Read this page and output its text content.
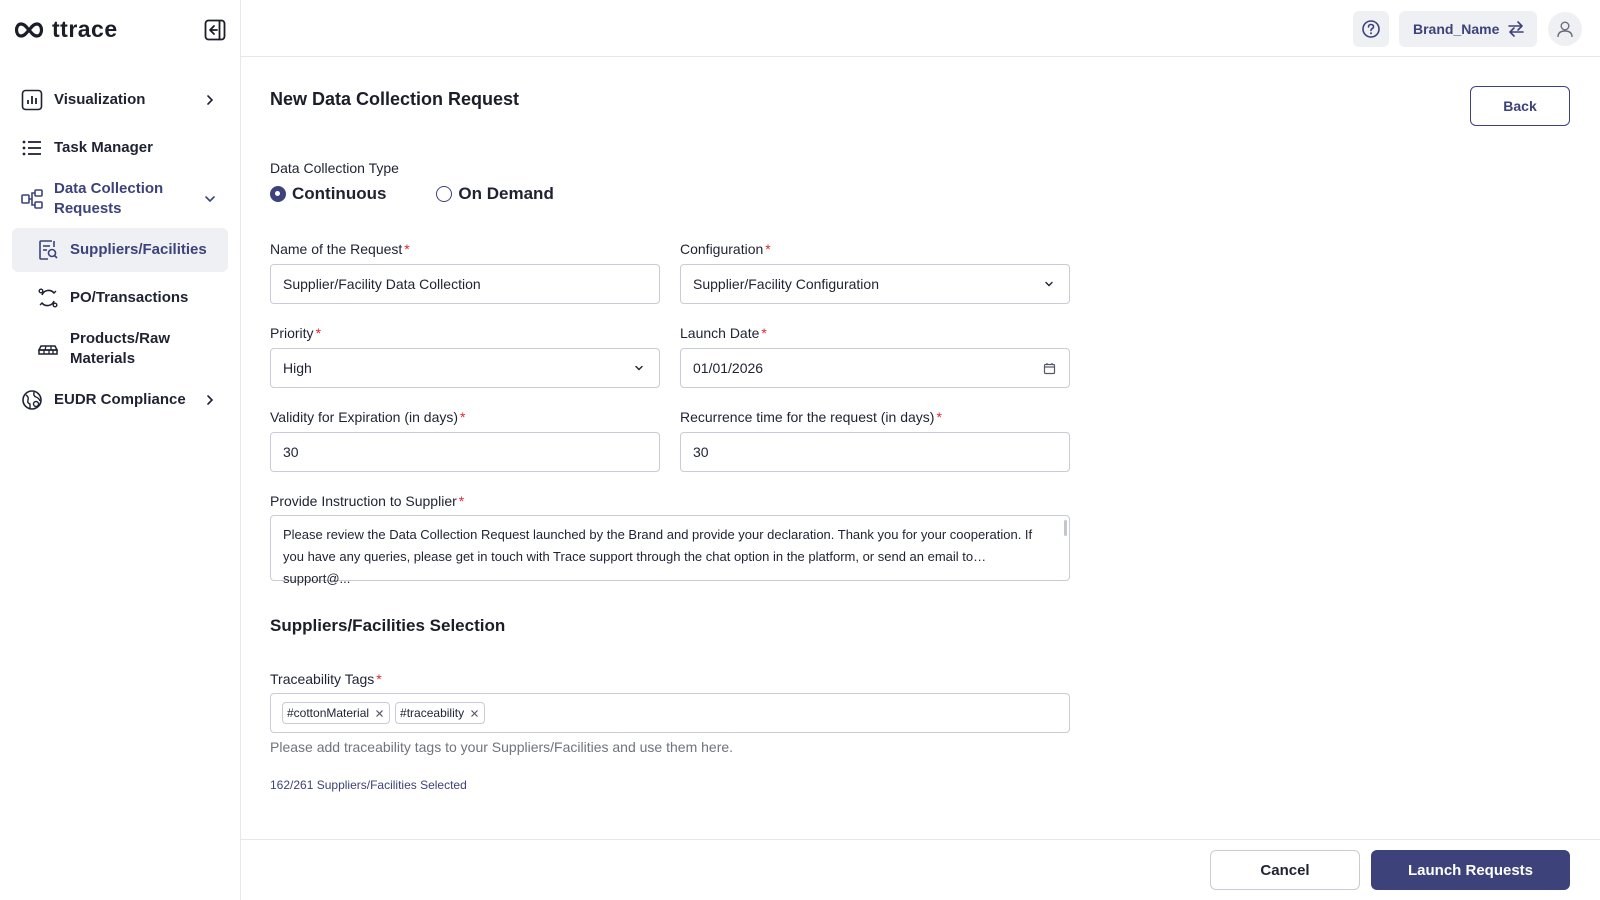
ttrace
Visualization
Task Manager
Data Collection Requests
Suppliers/Facilities
PO/Transactions
Products/Raw Materials
EUDR Compliance
Brand_Name
New Data Collection Request	Back
Data Collection Type
Continuous	On Demand
Name of the Request *
Supplier/Facility Data Collection
Configuration *
Supplier/Facility Configuration
Priority *
High
Launch Date *
01/01/2026
Validity for Expiration (in days) *
30
Recurrence time for the request (in days) *
30
Provide Instruction to Supplier *
Please review the Data Collection Request launched by the Brand and provide your declaration. Thank you for your cooperation. If you have any queries, please get in touch with Trace support through the chat option in the platform, or send an email to support@...
Suppliers/Facilities Selection
Traceability Tags *
#cottonMaterial	#traceability
Please add traceability tags to your Suppliers/Facilities and use them here.
162/261 Suppliers/Facilities Selected
Cancel	Launch Requests
